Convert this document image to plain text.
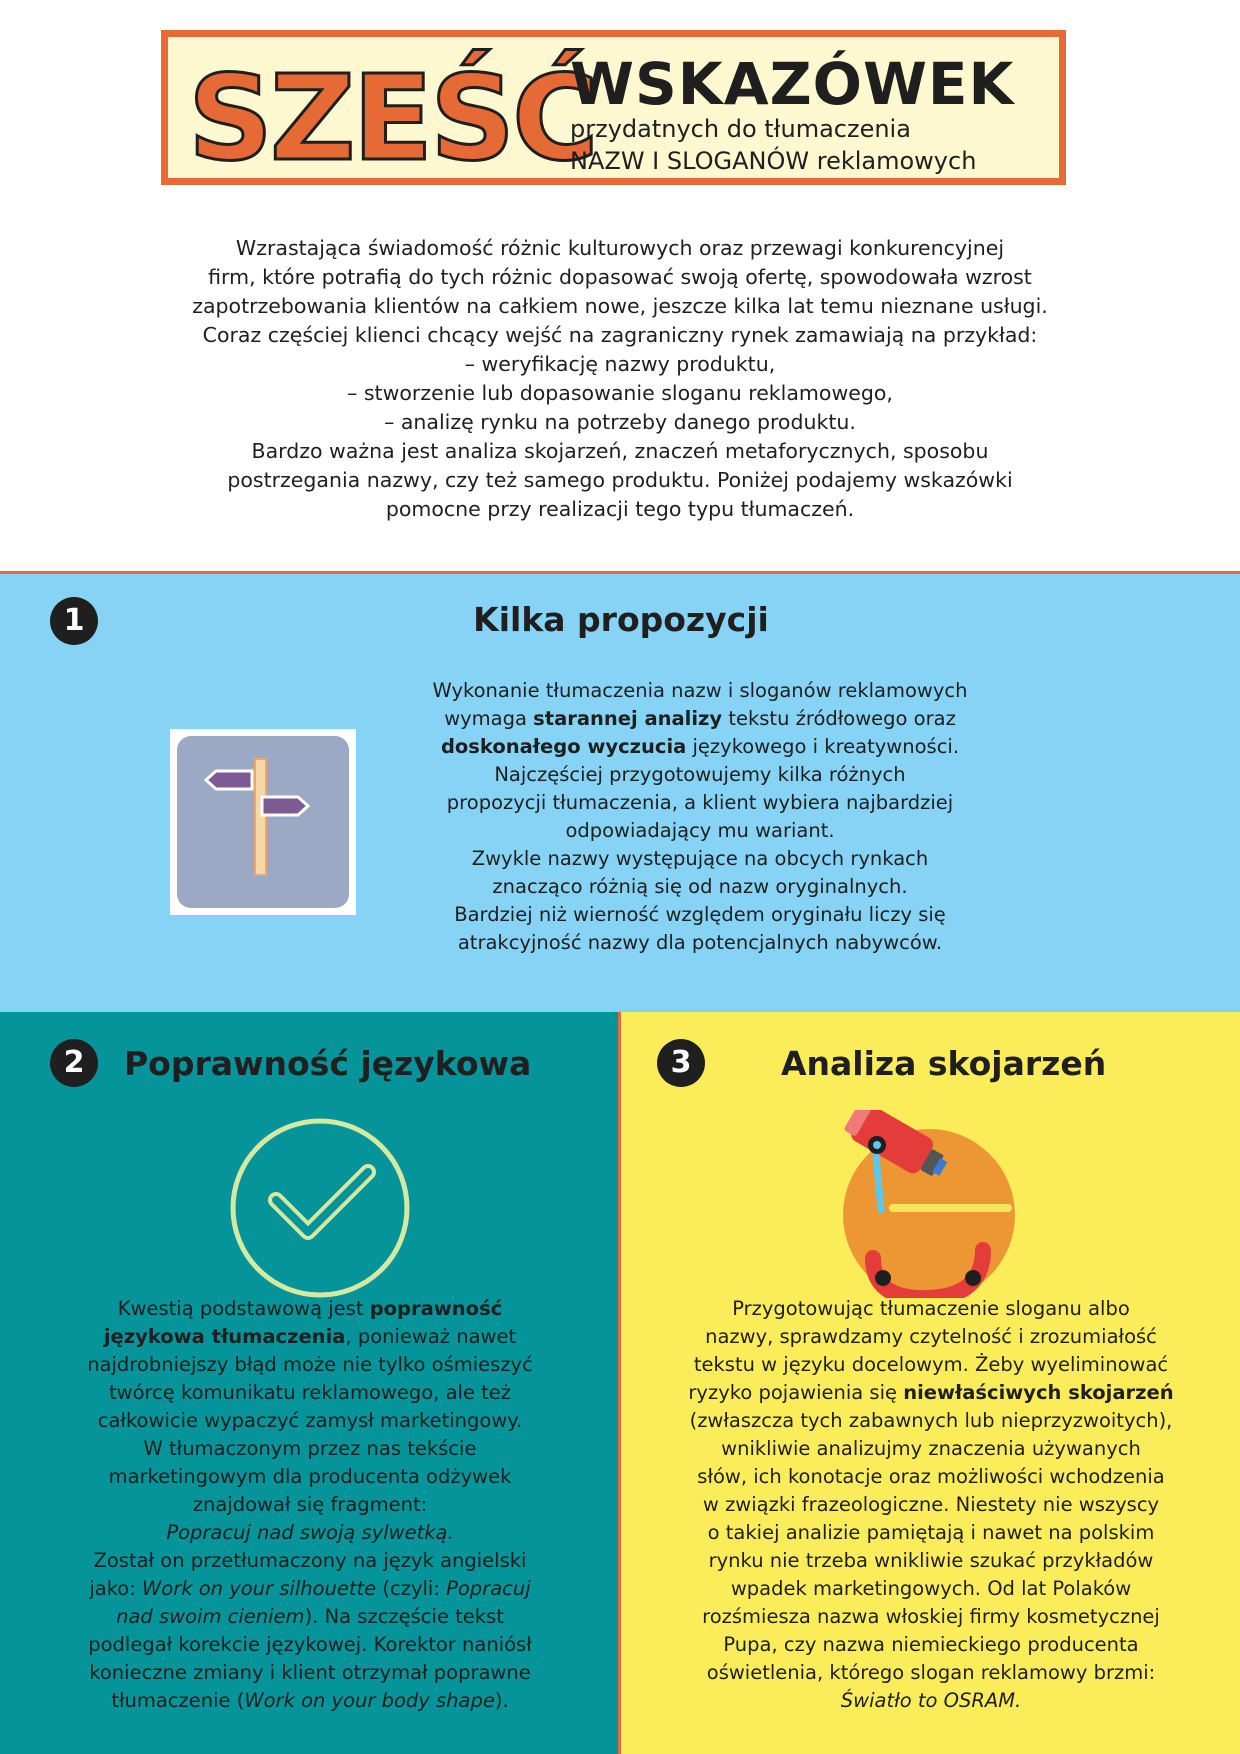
SZEŚĆ
WSKAZÓWEK
przydatnych do tłumaczenia
NAZW I SLOGANÓW reklamowych

Wzrastająca świadomość różnic kulturowych oraz przewagi konkurencyjnej

firm, które potrafią do tych różnic dopasować swoją ofertę, spowodowała wzrost

zapotrzebowania klientów na całkiem nowe, jeszcze kilka lat temu nieznane usługi.

Coraz częściej klienci chcący wejść na zagraniczny rynek zamawiają na przykład:

– weryfikację nazwy produktu,

– stworzenie lub dopasowanie sloganu reklamowego,

– analizę rynku na potrzeby danego produktu.

Bardzo ważna jest analiza skojarzeń, znaczeń metaforycznych, sposobu

postrzegania nazwy, czy też samego produktu. Poniżej podajemy wskazówki

pomocne przy realizacji tego typu tłumaczeń.

1	Kilka propozycji

Wykonanie tłumaczenia nazw i sloganów reklamowych

wymaga starannej analizy tekstu źródłowego oraz

doskonałego wyczucia językowego i kreatywności.

Najczęściej przygotowujemy kilka różnych

propozycji tłumaczenia, a klient wybiera najbardziej

odpowiadający mu wariant.

Zwykle nazwy występujące na obcych rynkach

znacząco różnią się od nazw oryginalnych.

Bardziej niż wierność względem oryginału liczy się

atrakcyjność nazwy dla potencjalnych nabywców.

2	Poprawność językowa

Kwestią podstawową jest poprawność

językowa tłumaczenia, ponieważ nawet

najdrobniejszy błąd może nie tylko ośmieszyć

twórcę komunikatu reklamowego, ale też

całkowicie wypaczyć zamysł marketingowy.

W tłumaczonym przez nas tekście

marketingowym dla producenta odżywek

znajdował się fragment:

Popracuj nad swoją sylwetką.

Został on przetłumaczony na język angielski

jako: Work on your silhouette (czyli: Popracuj

nad swoim cieniem). Na szczęście tekst

podlegał korekcie językowej. Korektor naniósł

konieczne zmiany i klient otrzymał poprawne

tłumaczenie (Work on your body shape).

3	Analiza skojarzeń

Przygotowując tłumaczenie sloganu albo

nazwy, sprawdzamy czytelność i zrozumiałość

tekstu w języku docelowym. Żeby wyeliminować

ryzyko pojawienia się niewłaściwych skojarzeń

(zwłaszcza tych zabawnych lub nieprzyzwoitych),

wnikliwie analizujmy znaczenia używanych

słów, ich konotacje oraz możliwości wchodzenia

w związki frazeologiczne. Niestety nie wszyscy

o takiej analizie pamiętają i nawet na polskim

rynku nie trzeba wnikliwie szukać przykładów

wpadek marketingowych. Od lat Polaków

rozśmiesza nazwa włoskiej firmy kosmetycznej

Pupa, czy nazwa niemieckiego producenta

oświetlenia, którego slogan reklamowy brzmi:

Światło to OSRAM.
